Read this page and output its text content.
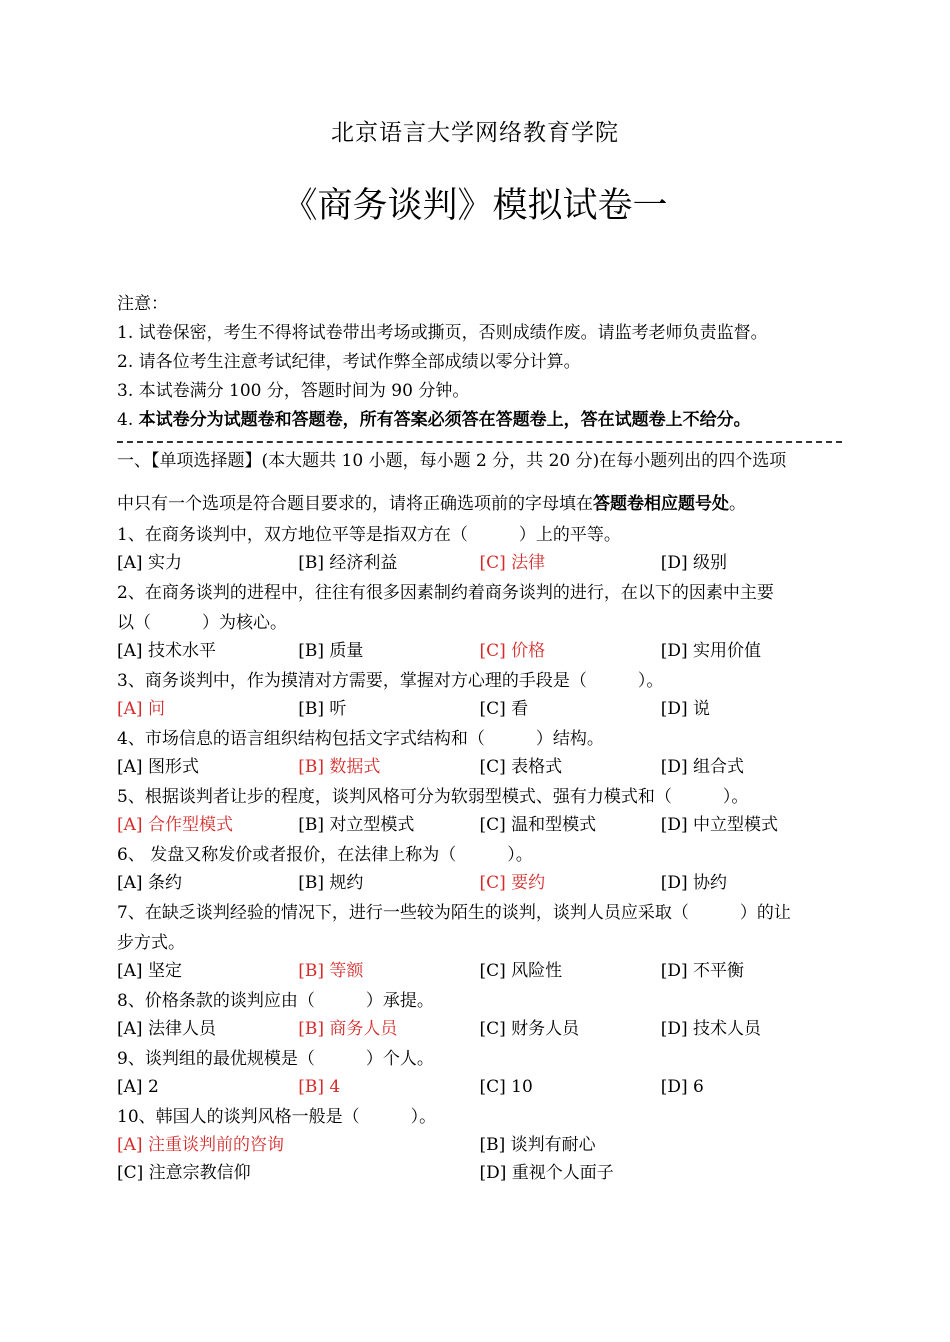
北京语言大学网络教育学院
《商务谈判》模拟试卷一
注意：
1. 试卷保密，考生不得将试卷带出考场或撕页，否则成绩作废。请监考老师负责监督。
2. 请各位考生注意考试纪律，考试作弊全部成绩以零分计算。
3. 本试卷满分 100 分，答题时间为 90 分钟。
4. 本试卷分为试题卷和答题卷，所有答案必须答在答题卷上，答在试题卷上不给分。
一、【单项选择题】(本大题共 10 小题，每小题 2 分，共 20 分)在每小题列出的四个选项
中只有一个选项是符合题目要求的，请将正确选项前的字母填在答题卷相应题号处。
1、在商务谈判中，双方地位平等是指双方在（　　　）上的平等。
[A] 实力	[B] 经济利益	[C] 法律	[D] 级别
2、在商务谈判的进程中，往往有很多因素制约着商务谈判的进行，在以下的因素中主要
以（　　　）为核心。
[A] 技术水平	[B] 质量	[C] 价格	[D] 实用价值
3、商务谈判中，作为摸清对方需要，掌握对方心理的手段是（　　　）。
[A] 问	[B] 听	[C] 看	[D] 说
4、市场信息的语言组织结构包括文字式结构和（　　　）结构。
[A] 图形式	[B] 数据式	[C] 表格式	[D] 组合式
5、根据谈判者让步的程度，谈判风格可分为软弱型模式、强有力模式和（　　　）。
[A] 合作型模式	[B] 对立型模式	[C] 温和型模式	[D] 中立型模式
6、 发盘又称发价或者报价，在法律上称为（　　　）。
[A] 条约	[B] 规约	[C] 要约	[D] 协约
7、在缺乏谈判经验的情况下，进行一些较为陌生的谈判，谈判人员应采取（　　　）的让
步方式。
[A] 坚定	[B] 等额	[C] 风险性	[D] 不平衡
8、价格条款的谈判应由（　　　）承提。
[A] 法律人员	[B] 商务人员	[C] 财务人员	[D] 技术人员
9、谈判组的最优规模是（　　　）个人。
[A] 2	[B] 4	[C] 10	[D] 6
10、韩国人的谈判风格一般是（　　　）。
[A] 注重谈判前的咨询	[B] 谈判有耐心
[C] 注意宗教信仰	[D] 重视个人面子
